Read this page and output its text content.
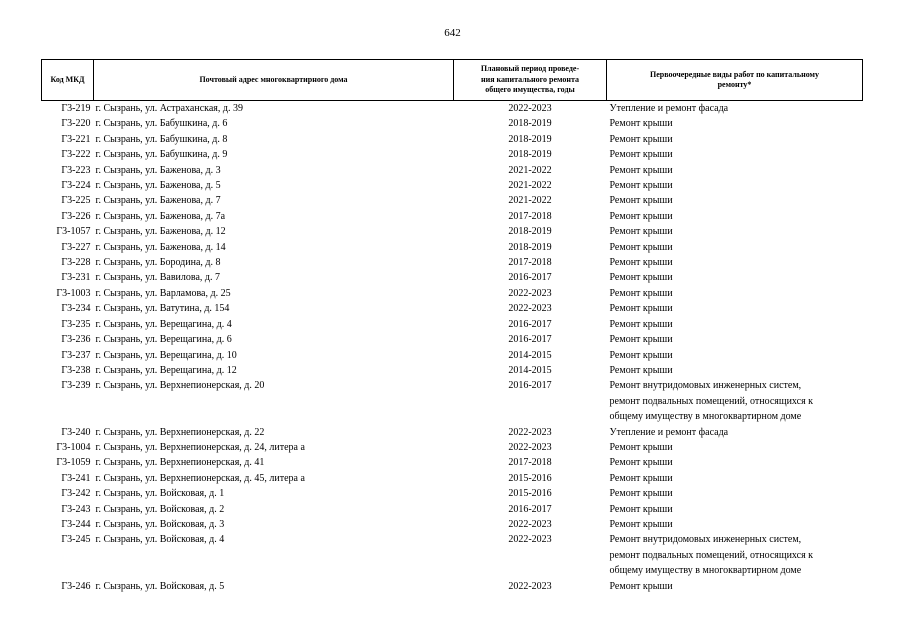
642
Код МКД	Почтовый адрес многоквартирного дома	Плановый период проведе-
ния капитального ремонта
общего имущества, годы	Первоочередные виды работ по капитальному
ремонту*
Г3-219	г. Сызрань, ул. Астраханская, д. 39	2022-2023	Утепление и ремонт фасада

Г3-220	г. Сызрань, ул. Бабушкина, д. 6	2018-2019	Ремонт крыши

Г3-221	г. Сызрань, ул. Бабушкина, д. 8	2018-2019	Ремонт крыши

Г3-222	г. Сызрань, ул. Бабушкина, д. 9	2018-2019	Ремонт крыши

Г3-223	г. Сызрань, ул. Баженова, д. 3	2021-2022	Ремонт крыши

Г3-224	г. Сызрань, ул. Баженова, д. 5	2021-2022	Ремонт крыши

Г3-225	г. Сызрань, ул. Баженова, д. 7	2021-2022	Ремонт крыши

Г3-226	г. Сызрань, ул. Баженова, д. 7а	2017-2018	Ремонт крыши

Г3-1057	г. Сызрань, ул. Баженова, д. 12	2018-2019	Ремонт крыши

Г3-227	г. Сызрань, ул. Баженова, д. 14	2018-2019	Ремонт крыши

Г3-228	г. Сызрань, ул. Бородина, д. 8	2017-2018	Ремонт крыши

Г3-231	г. Сызрань, ул. Вавилова, д. 7	2016-2017	Ремонт крыши

Г3-1003	г. Сызрань, ул. Варламова, д. 25	2022-2023	Ремонт крыши

Г3-234	г. Сызрань, ул. Ватутина, д. 154	2022-2023	Ремонт крыши

Г3-235	г. Сызрань, ул. Верещагина, д. 4	2016-2017	Ремонт крыши

Г3-236	г. Сызрань, ул. Верещагина, д. 6	2016-2017	Ремонт крыши

Г3-237	г. Сызрань, ул. Верещагина, д. 10	2014-2015	Ремонт крыши

Г3-238	г. Сызрань, ул. Верещагина, д. 12	2014-2015	Ремонт крыши

Г3-239	г. Сызрань, ул. Верхнепионерская, д. 20	2016-2017	Ремонт внутридомовых инженерных систем,
ремонт подвальных помещений, относящихся к
общему имуществу в многоквартирном доме

Г3-240	г. Сызрань, ул. Верхнепионерская, д. 22	2022-2023	Утепление и ремонт фасада

Г3-1004	г. Сызрань, ул. Верхнепионерская, д. 24, литера а	2022-2023	Ремонт крыши

Г3-1059	г. Сызрань, ул. Верхнепионерская, д. 41	2017-2018	Ремонт крыши

Г3-241	г. Сызрань, ул. Верхнепионерская, д. 45, литера а	2015-2016	Ремонт крыши

Г3-242	г. Сызрань, ул. Войсковая, д. 1	2015-2016	Ремонт крыши

Г3-243	г. Сызрань, ул. Войсковая, д. 2	2016-2017	Ремонт крыши

Г3-244	г. Сызрань, ул. Войсковая, д. 3	2022-2023	Ремонт крыши

Г3-245	г. Сызрань, ул. Войсковая, д. 4	2022-2023	Ремонт внутридомовых инженерных систем,
ремонт подвальных помещений, относящихся к
общему имуществу в многоквартирном доме

Г3-246	г. Сызрань, ул. Войсковая, д. 5	2022-2023	Ремонт крыши
